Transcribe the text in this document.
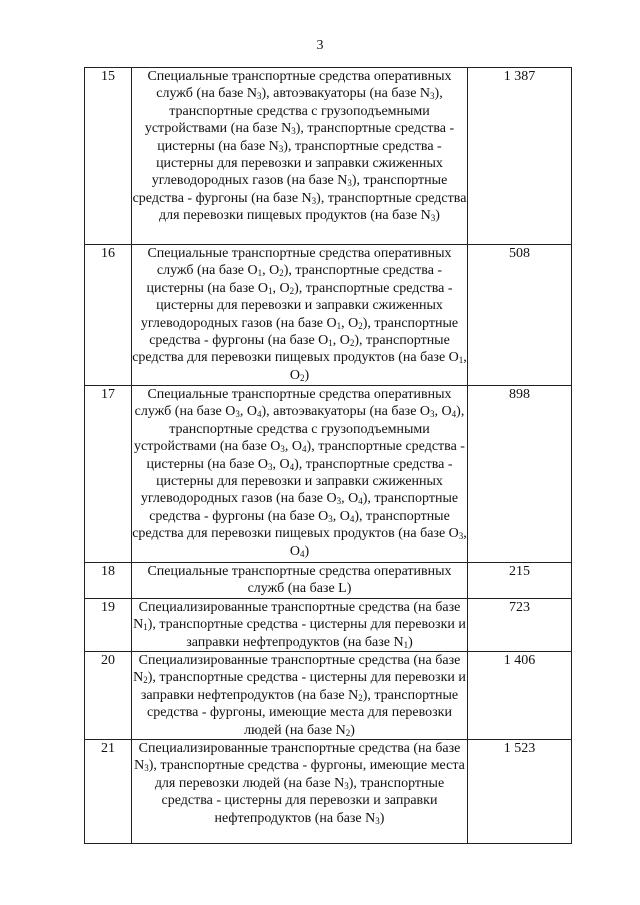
3
15	Специальные транспортные средства оперативных служб (на базе $N_3$), автоэвакуаторы (на базе $N_3$), транспортные средства с грузоподъемными устройствами (на базе $N_3$), транспортные средства - цистерны (на базе $N_3$), транспортные средства - цистерны для перевозки и заправки сжиженных углеводородных газов (на базе $N_3$), транспортные средства - фургоны (на базе $N_3$), транспортные средства для перевозки пищевых продуктов (на базе $N_3$)	1 387
16	Специальные транспортные средства оперативных служб (на базе $O_1$, $O_2$), транспортные средства - цистерны (на базе $O_1$, $O_2$), транспортные средства - цистерны для перевозки и заправки сжиженных углеводородных газов (на базе $O_1$, $O_2$), транспортные средства - фургоны (на базе $O_1$, $O_2$), транспортные средства для перевозки пищевых продуктов (на базе $O_1$, $O_2$)	508
17	Специальные транспортные средства оперативных служб (на базе $O_3$, $O_4$), автоэвакуаторы (на базе $O_3$, $O_4$), транспортные средства с грузоподъемными устройствами (на базе $O_3$, $O_4$), транспортные средства - цистерны (на базе $O_3$, $O_4$), транспортные средства - цистерны для перевозки и заправки сжиженных углеводородных газов (на базе $O_3$, $O_4$), транспортные средства - фургоны (на базе $O_3$, $O_4$), транспортные средства для перевозки пищевых продуктов (на базе $O_3$, $O_4$)	898
18	Специальные транспортные средства оперативных служб (на базе L)	215
19	Специализированные транспортные средства (на базе $N_1$), транспортные средства - цистерны для перевозки и заправки нефтепродуктов (на базе $N_1$)	723
20	Специализированные транспортные средства (на базе $N_2$), транспортные средства - цистерны для перевозки и заправки нефтепродуктов (на базе $N_2$), транспортные средства - фургоны, имеющие места для перевозки людей (на базе $N_2$)	1 406
21	Специализированные транспортные средства (на базе $N_3$), транспортные средства - фургоны, имеющие места для перевозки людей (на базе $N_3$), транспортные средства - цистерны для перевозки и заправки нефтепродуктов (на базе $N_3$)	1 523
